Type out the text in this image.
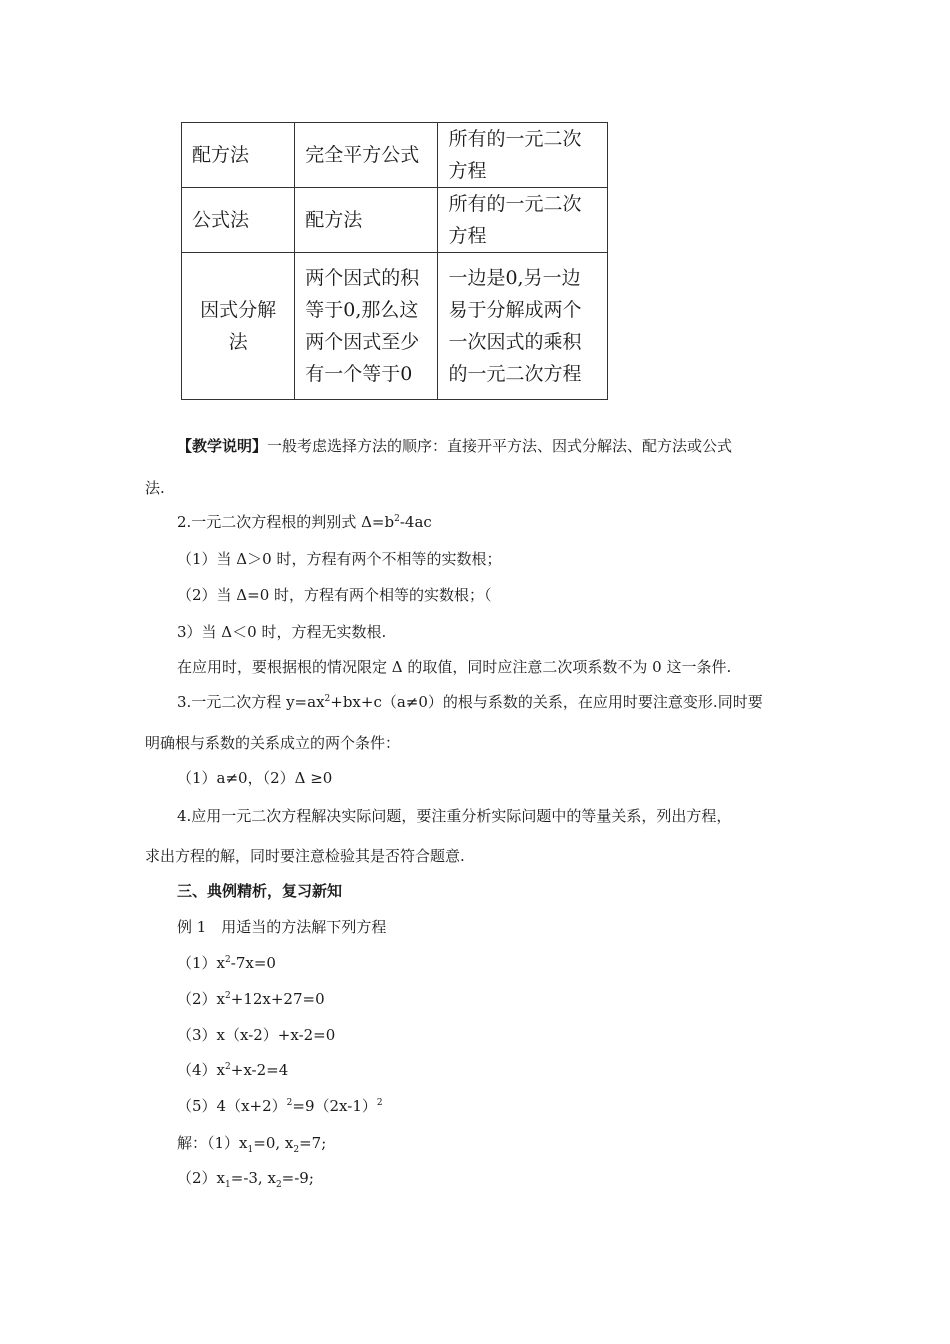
配方法	完全平方公式	所有的一元二次方程
公式法	配方法	所有的一元二次方程
因式分解法	两个因式的积等于0,那么这两个因式至少有一个等于0	一边是0,另一边易于分解成两个一次因式的乘积的一元二次方程
【教学说明】一般考虑选择方法的顺序：直接开平方法、因式分解法、配方法或公式
法.
2.一元二次方程根的判别式 $\Delta=b^2-4ac$
（1）当 Δ＞0 时，方程有两个不相等的实数根；
（2）当 Δ=0 时，方程有两个相等的实数根；（
3）当 Δ＜0 时，方程无实数根.
在应用时，要根据根的情况限定 Δ 的取值，同时应注意二次项系数不为 0 这一条件.
3.一元二次方程 $y=ax^2+bx+c(a\ne 0)$的根与系数的关系，在应用时要注意变形.同时要
明确根与系数的关系成立的两个条件：
（1）a≠0，（2）Δ ≥0
4.应用一元二次方程解决实际问题，要注重分析实际问题中的等量关系，列出方程，
求出方程的解，同时要注意检验其是否符合题意.
三、典例精析，复习新知
例 1　用适当的方法解下列方程
$(1)x^2-7x=0$
$(2)x^2+12x+27=0$
（3）x（x-2）+x-2=0
$(4)x^2+x-2=4$
$(5)4(x+2)^2=9(2x-1)^2$
解：$(1)x_1=0$, $x_2=7$;
$(2)x_1=-3$, $x_2=-9$;
